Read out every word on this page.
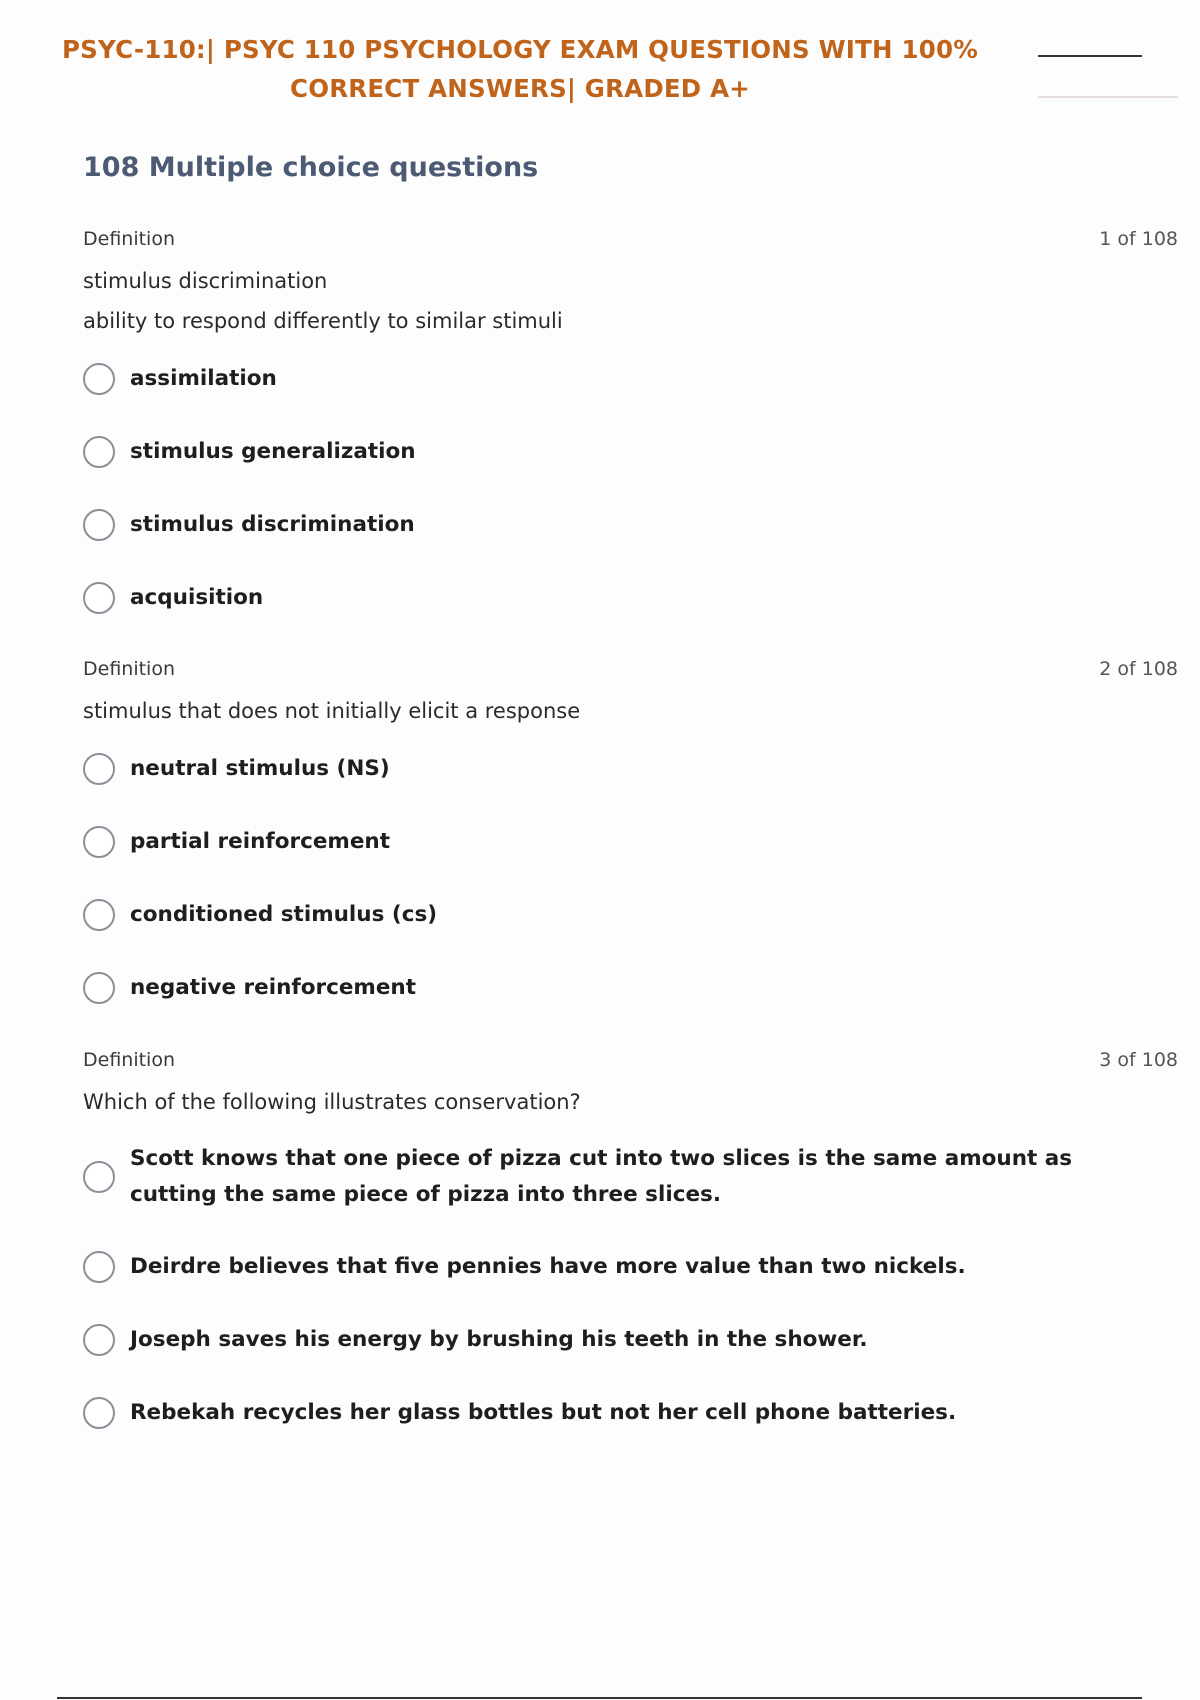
PSYC-110:| PSYC 110 PSYCHOLOGY EXAM QUESTIONS WITH 100% CORRECT ANSWERS| GRADED A+
108 Multiple choice questions
Definition	1 of 108
stimulus discrimination
ability to respond differently to similar stimuli
assimilation
stimulus generalization
stimulus discrimination
acquisition
Definition	2 of 108
stimulus that does not initially elicit a response
neutral stimulus (NS)
partial reinforcement
conditioned stimulus (cs)
negative reinforcement
Definition	3 of 108
Which of the following illustrates conservation?
Scott knows that one piece of pizza cut into two slices is the same amount as cutting the same piece of pizza into three slices.
Deirdre believes that five pennies have more value than two nickels.
Joseph saves his energy by brushing his teeth in the shower.
Rebekah recycles her glass bottles but not her cell phone batteries.
